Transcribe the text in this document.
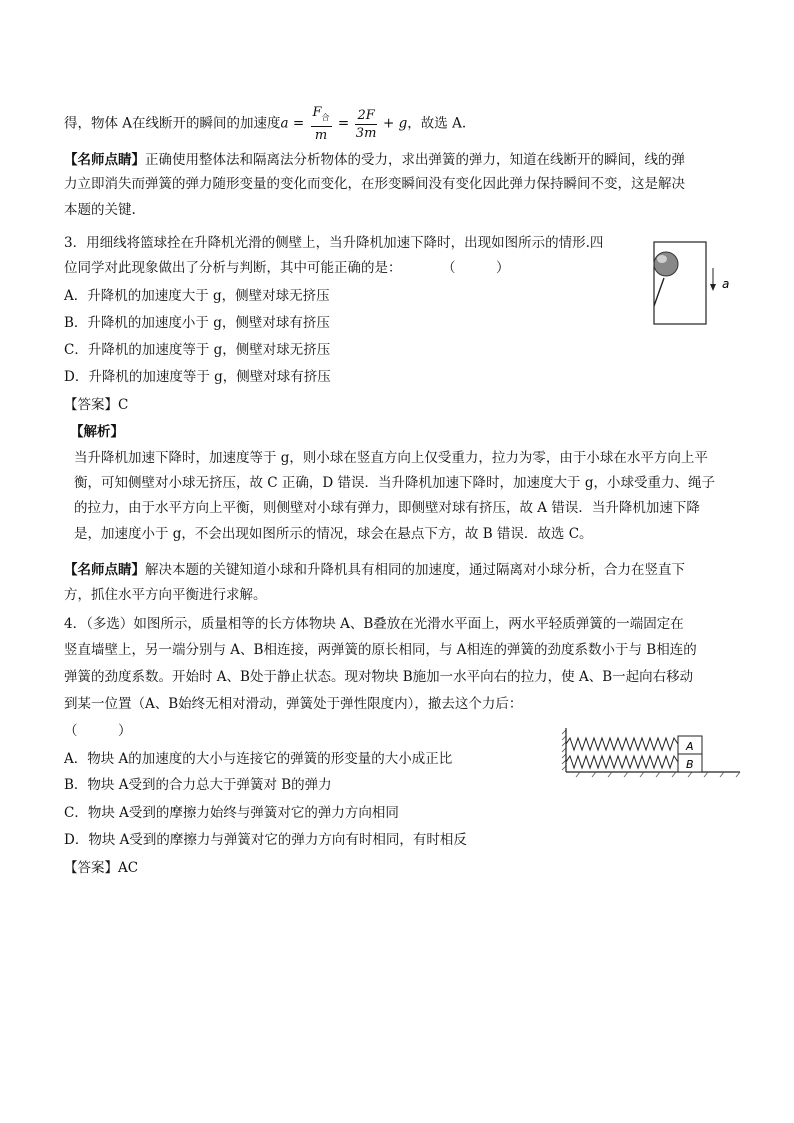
得，物体 A在线断开的瞬间的加速度$a = \frac{F_合}{m} = \frac{2F}{3m} + g$，故选 A.
【名师点睛】正确使用整体法和隔离法分析物体的受力，求出弹簧的弹力，知道在线断开的瞬间，线的弹
力立即消失而弹簧的弹力随形变量的变化而变化，在形变瞬间没有变化因此弹力保持瞬间不变，这是解决
本题的关键.
3．用细线将篮球拴在升降机光滑的侧壁上，当升降机加速下降时，出现如图所示的情形.四
位同学对此现象做出了分析与判断，其中可能正确的是：　　　　（　　　）
A．升降机的加速度大于 g，侧壁对球无挤压
B．升降机的加速度小于 g，侧壁对球有挤压
C．升降机的加速度等于 g，侧壁对球无挤压
D．升降机的加速度等于 g，侧壁对球有挤压
a
【答案】C
【解析】
当升降机加速下降时，加速度等于 g，则小球在竖直方向上仅受重力，拉力为零，由于小球在水平方向上平
衡，可知侧壁对小球无挤压，故 C 正确，D 错误．当升降机加速下降时，加速度大于 g，小球受重力、绳子
的拉力，由于水平方向上平衡，则侧壁对小球有弹力，即侧壁对球有挤压，故 A 错误．当升降机加速下降
是，加速度小于 g，不会出现如图所示的情况，球会在悬点下方，故 B 错误．故选 C。
【名师点睛】解决本题的关键知道小球和升降机具有相同的加速度，通过隔离对小球分析，合力在竖直下
方，抓住水平方向平衡进行求解。
4．（多选）如图所示，质量相等的长方体物块 A、B叠放在光滑水平面上，两水平轻质弹簧的一端固定在
竖直墙壁上，另一端分别与 A、B相连接，两弹簧的原长相同，与 A相连的弹簧的劲度系数小于与 B相连的
弹簧的劲度系数。开始时 A、B处于静止状态。现对物块 B施加一水平向右的拉力，使 A、B一起向右移动
到某一位置（A、B始终无相对滑动，弹簧处于弹性限度内），撤去这个力后：
（　　　）
A．物块 A的加速度的大小与连接它的弹簧的形变量的大小成正比
B．物块 A受到的合力总大于弹簧对 B的弹力
C．物块 A受到的摩擦力始终与弹簧对它的弹力方向相同
D．物块 A受到的摩擦力与弹簧对它的弹力方向有时相同，有时相反
【答案】AC
A
B
